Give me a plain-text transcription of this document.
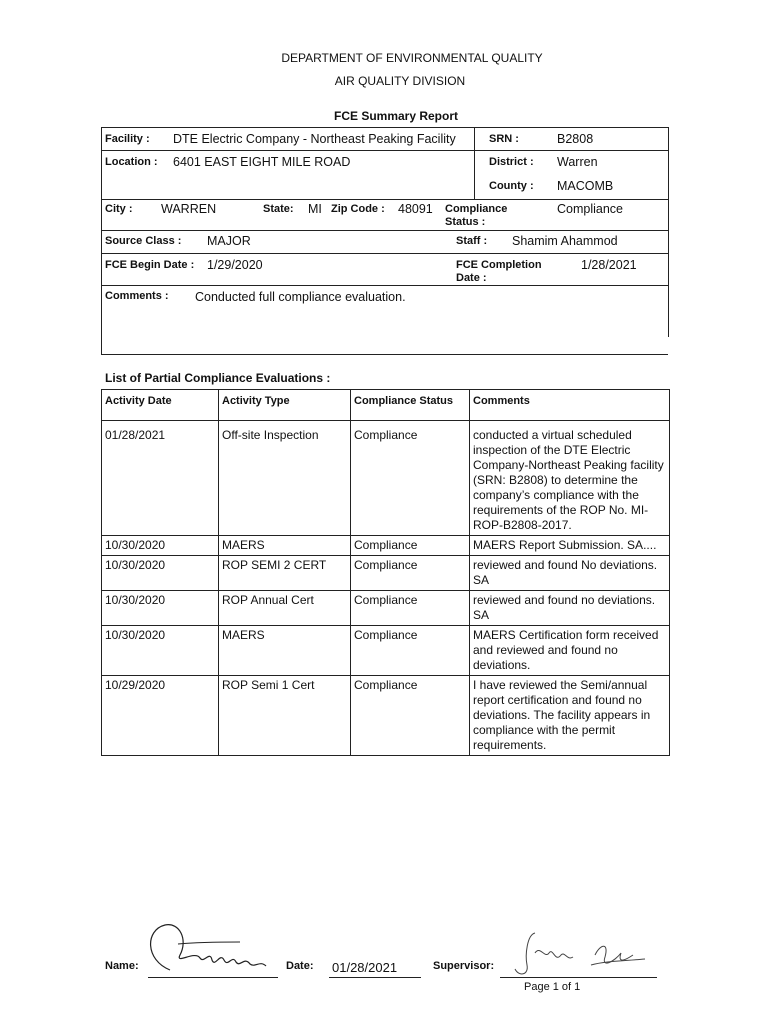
DEPARTMENT OF ENVIRONMENTAL QUALITY
AIR QUALITY DIVISION
FCE Summary Report
Facility : DTE Electric Company - Northeast Peaking Facility	SRN :	B2808
Location : 6401 EAST EIGHT MILE ROAD	District : Warren
County : MACOMB
City : WARREN	State: MI Zip Code : 48091 Compliance
Status :
Compliance
Source Class : MAJOR	Staff : Shamim Ahammod
FCE Begin Date : 1/29/2020	FCE Completion
Date :
1/28/2021
Comments : Conducted full compliance evaluation.
List of Partial Compliance Evaluations :
Activity Date	Activity Type	Compliance Status	Comments
01/28/2021	Off-site Inspection	Compliance	conducted a virtual scheduled inspection of the DTE Electric Company-Northeast Peaking facility (SRN: B2808) to determine the company’s compliance with the requirements of the ROP No. MI-ROP-B2808-2017.
10/30/2020	MAERS	Compliance	MAERS Report Submission. SA....
10/30/2020	ROP SEMI 2 CERT	Compliance	reviewed and found No deviations. SA
10/30/2020	ROP Annual Cert	Compliance	reviewed and found no deviations. SA
10/30/2020	MAERS	Compliance	MAERS Certification form received and reviewed and found no deviations.
10/29/2020	ROP Semi 1 Cert	Compliance	I have reviewed the Semi/annual report certification and found no deviations. The facility appears in compliance with the permit requirements.
Name:	Date: 01/28/2021	Supervisor:
Page 1 of 1
